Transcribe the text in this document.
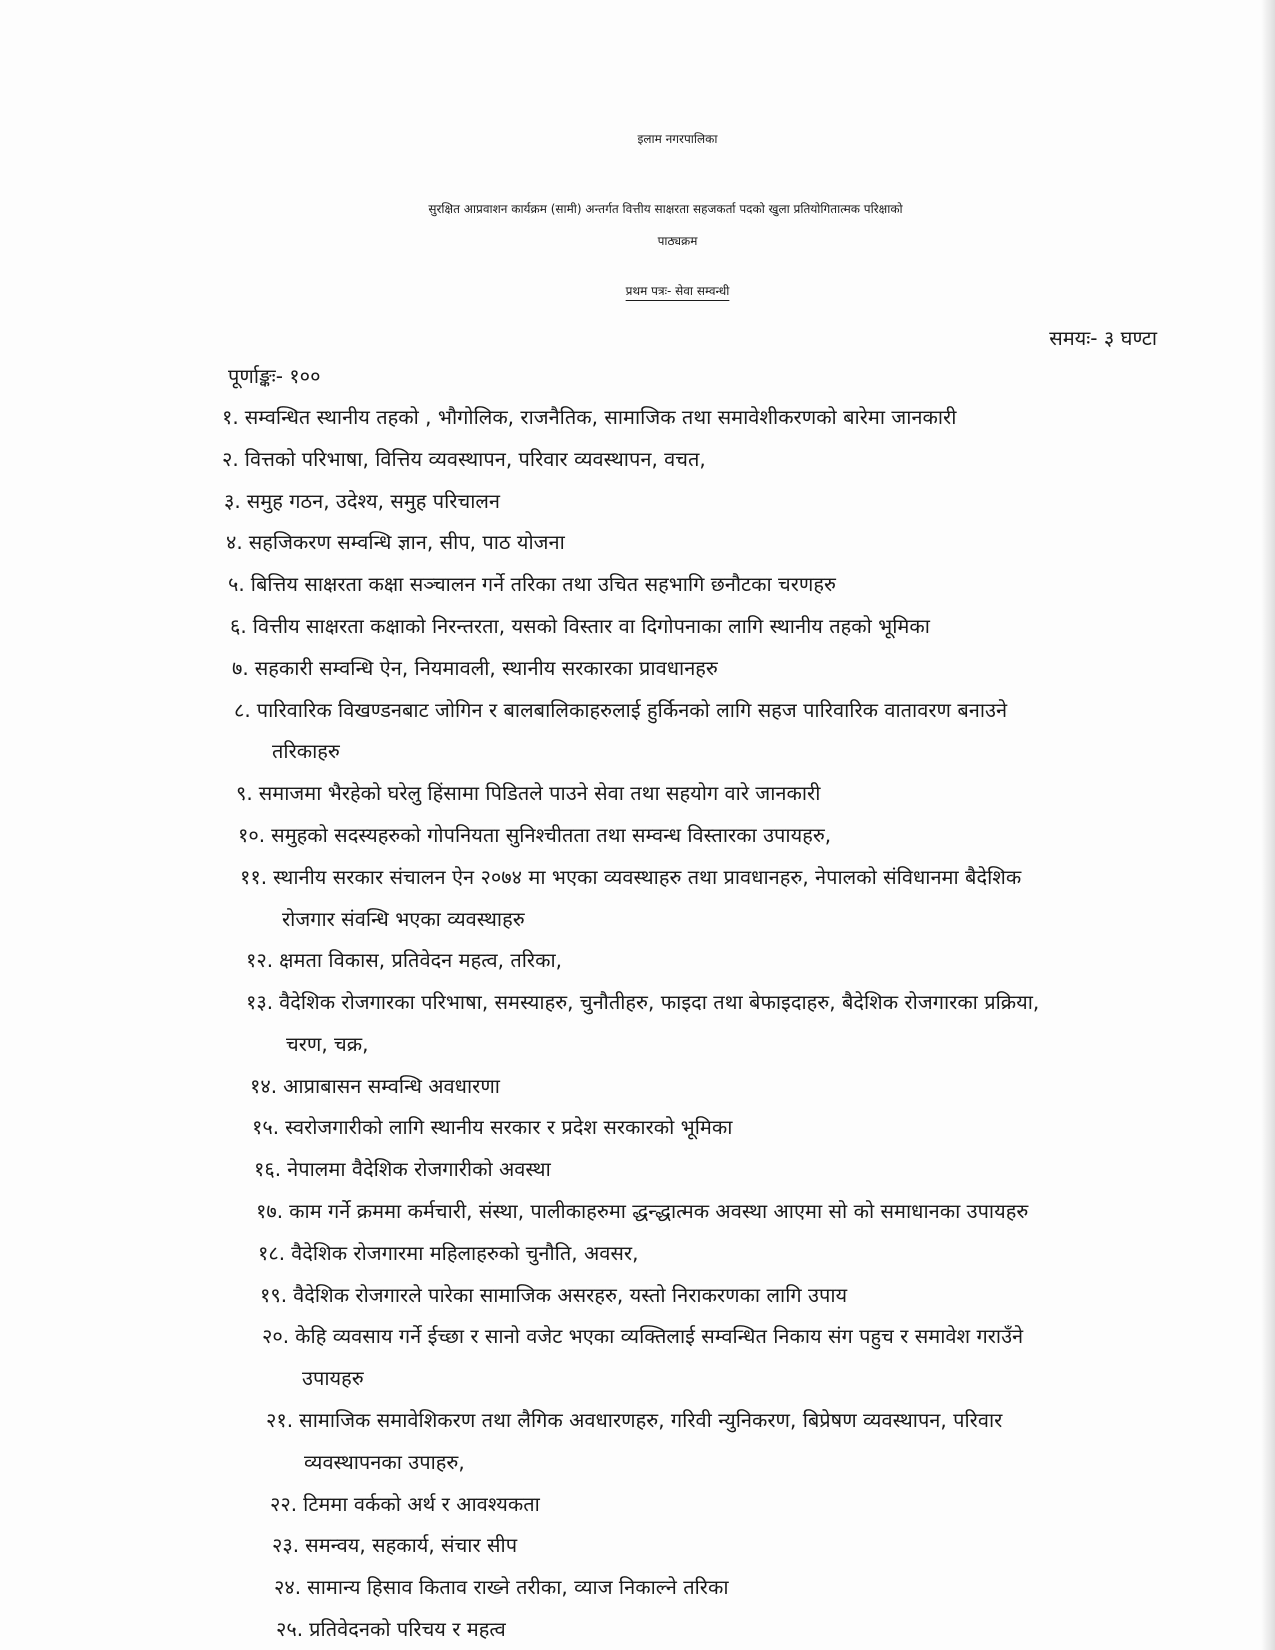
इलाम नगरपालिका
सुरक्षित आप्रवाशन कार्यक्रम (सामी) अन्तर्गत वित्तीय साक्षरता सहजकर्ता पदको खुला प्रतियोगितात्मक परिक्षाको
पाठ्यक्रम
प्रथम पत्रः- सेवा सम्वन्धी
समयः- ३ घण्टा
पूर्णाङ्कः- १००
१. सम्वन्धित स्थानीय तहको , भौगोलिक, राजनैतिक, सामाजिक तथा समावेशीकरणको बारेमा जानकारी
२. वित्तको परिभाषा, वित्तिय व्यवस्थापन, परिवार व्यवस्थापन, वचत,
३. समुह गठन, उदेश्य, समुह परिचालन
४. सहजिकरण सम्वन्धि ज्ञान, सीप, पाठ योजना
५. बित्तिय साक्षरता कक्षा सञ्चालन गर्ने तरिका तथा उचित सहभागि छनौटका चरणहरु
६. वित्तीय साक्षरता कक्षाको निरन्तरता, यसको विस्तार वा दिगोपनाका लागि स्थानीय तहको भूमिका
७. सहकारी सम्वन्धि ऐन, नियमावली, स्थानीय सरकारका प्रावधानहरु
८. पारिवारिक विखण्डनबाट जोगिन र बालबालिकाहरुलाई हुर्किनको लागि सहज पारिवारिक वातावरण बनाउने
तरिकाहरु
९. समाजमा भैरहेको घरेलु हिंसामा पिडितले पाउने सेवा तथा सहयोग वारे जानकारी
१०. समुहको सदस्यहरुको गोपनियता सुनिश्चीतता तथा सम्वन्ध विस्तारका उपायहरु,
११. स्थानीय सरकार संचालन ऐन २०७४ मा भएका व्यवस्थाहरु तथा प्रावधानहरु, नेपालको संविधानमा बैदेशिक
रोजगार संवन्धि भएका व्यवस्थाहरु
१२. क्षमता विकास, प्रतिवेदन महत्व, तरिका,
१३. वैदेशिक रोजगारका परिभाषा, समस्याहरु, चुनौतीहरु, फाइदा तथा बेफाइदाहरु, बैदेशिक रोजगारका प्रक्रिया,
चरण, चक्र,
१४. आप्राबासन सम्वन्धि अवधारणा
१५. स्वरोजगारीको लागि स्थानीय सरकार र प्रदेश सरकारको भूमिका
१६. नेपालमा वैदेशिक रोजगारीको अवस्था
१७. काम गर्ने क्रममा कर्मचारी, संस्था, पालीकाहरुमा द्धन्द्धात्मक अवस्था आएमा सो को समाधानका उपायहरु
१८. वैदेशिक रोजगारमा महिलाहरुको चुनौति, अवसर,
१९. वैदेशिक रोजगारले पारेका सामाजिक असरहरु, यस्तो निराकरणका लागि उपाय
२०. केहि व्यवसाय गर्ने ईच्छा र सानो वजेट भएका व्यक्तिलाई सम्वन्धित निकाय संग पहुच र समावेश गराउँने
उपायहरु
२१. सामाजिक समावेशिकरण तथा लैगिक अवधारणहरु, गरिवी न्युनिकरण, बिप्रेषण व्यवस्थापन, परिवार
व्यवस्थापनका उपाहरु,
२२. टिममा वर्कको अर्थ र आवश्यकता
२३. समन्वय, सहकार्य, संचार सीप
२४. सामान्य हिसाव किताव राख्ने तरीका, व्याज निकाल्ने तरिका
२५. प्रतिवेदनको परिचय र महत्व
